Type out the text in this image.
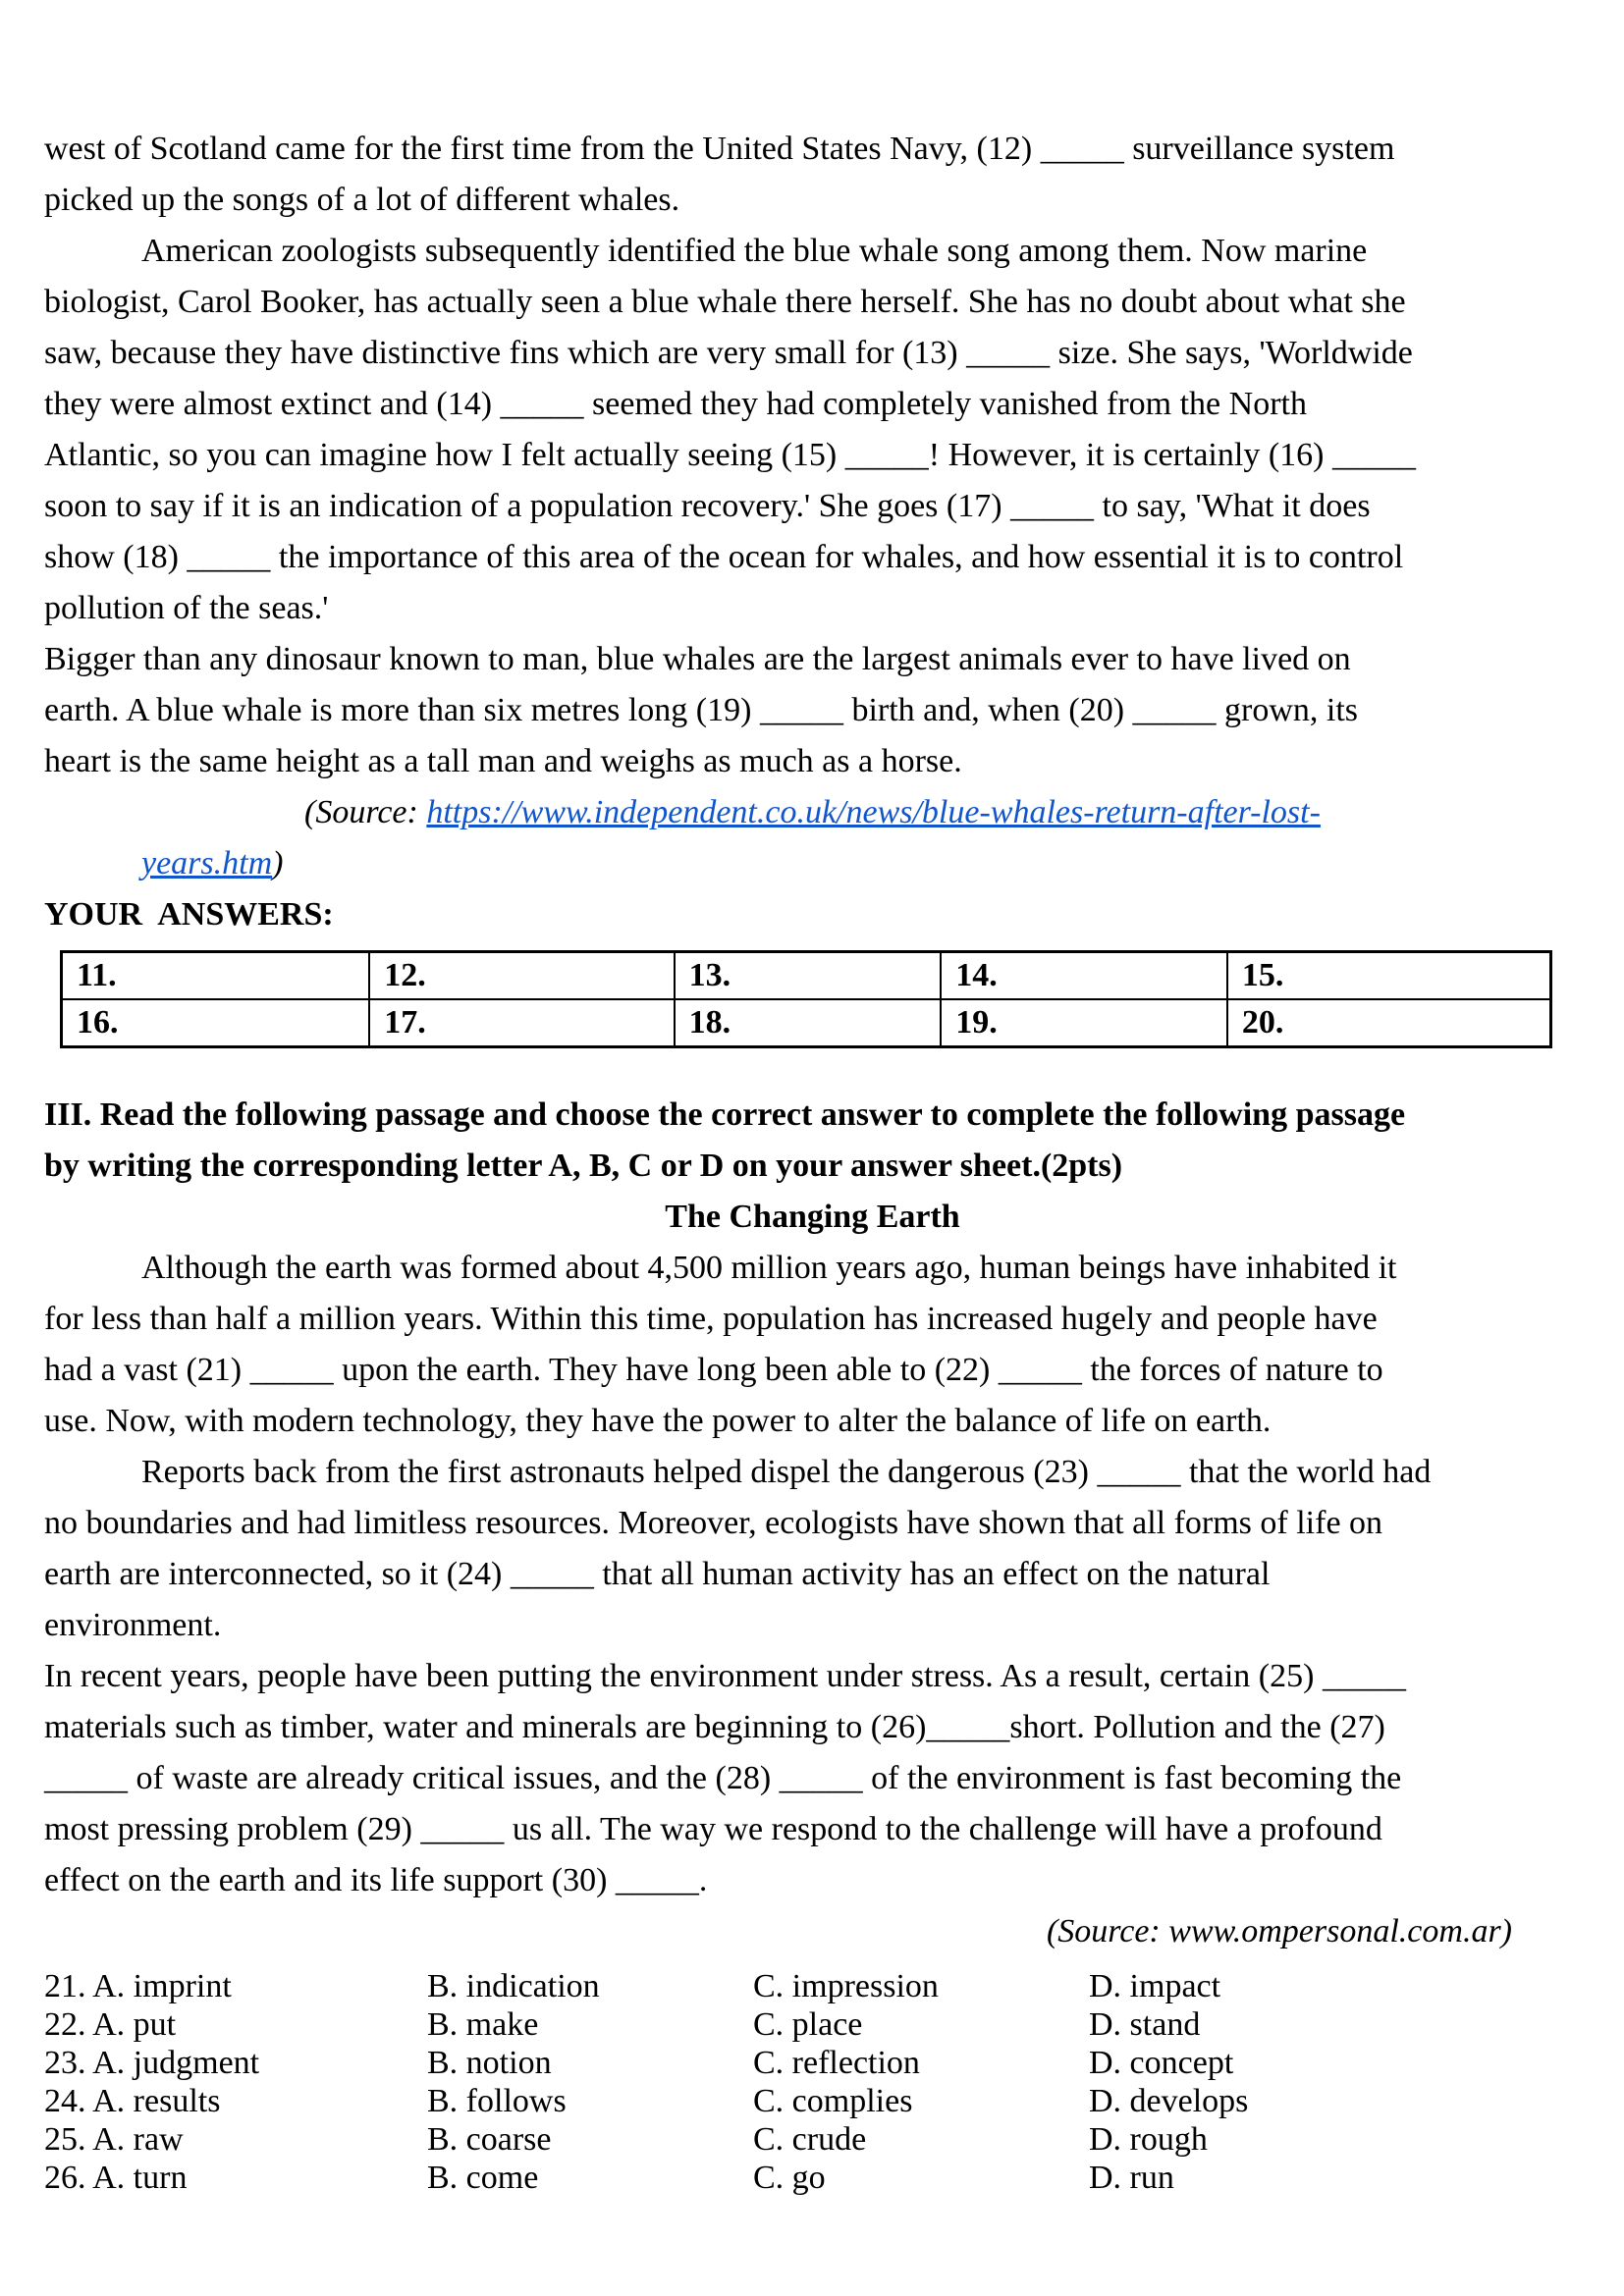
west of Scotland came for the first time from the United States Navy, (12) _____ surveillance system
picked up the songs of a lot of different whales.
American zoologists subsequently identified the blue whale song among them. Now marine
biologist, Carol Booker, has actually seen a blue whale there herself. She has no doubt about what she
saw, because they have distinctive fins which are very small for (13) _____ size. She says, 'Worldwide
they were almost extinct and (14) _____ seemed they had completely vanished from the North
Atlantic, so you can imagine how I felt actually seeing (15) _____! However, it is certainly (16) _____
soon to say if it is an indication of a population recovery.' She goes (17) _____ to say, 'What it does
show (18) _____ the importance of this area of the ocean for whales, and how essential it is to control
pollution of the seas.'
Bigger than any dinosaur known to man, blue whales are the largest animals ever to have lived on
earth. A blue whale is more than six metres long (19) _____ birth and, when (20) _____ grown, its
heart is the same height as a tall man and weighs as much as a horse.
(Source: https://www.independent.co.uk/news/blue-whales-return-after-lost-
years.htm)
YOUR  ANSWERS:
11.	12.	13.	14.	15.
16.	17.	18.	19.	20.
III. Read the following passage and choose the correct answer to complete the following passage
by writing the corresponding letter A, B, C or D on your answer sheet.(2pts)
The Changing Earth
Although the earth was formed about 4,500 million years ago, human beings have inhabited it
for less than half a million years. Within this time, population has increased hugely and people have
had a vast (21) _____ upon the earth. They have long been able to (22) _____ the forces of nature to
use. Now, with modern technology, they have the power to alter the balance of life on earth.
Reports back from the first astronauts helped dispel the dangerous (23) _____ that the world had
no boundaries and had limitless resources. Moreover, ecologists have shown that all forms of life on
earth are interconnected, so it (24) _____ that all human activity has an effect on the natural
environment.
In recent years, people have been putting the environment under stress. As a result, certain (25) _____
materials such as timber, water and minerals are beginning to (26)_____short. Pollution and the (27)
_____ of waste are already critical issues, and the (28) _____ of the environment is fast becoming the
most pressing problem (29) _____ us all. The way we respond to the challenge will have a profound
effect on the earth and its life support (30) _____.
(Source: www.ompersonal.com.ar)
21. A. imprint	B. indication	C. impression	D. impact
22. A. put	B. make	C. place	D. stand
23. A. judgment	B. notion	C. reflection	D. concept
24. A. results	B. follows	C. complies	D. develops
25. A. raw	B. coarse	C. crude	D. rough
26. A. turn	B. come	C. go	D. run
